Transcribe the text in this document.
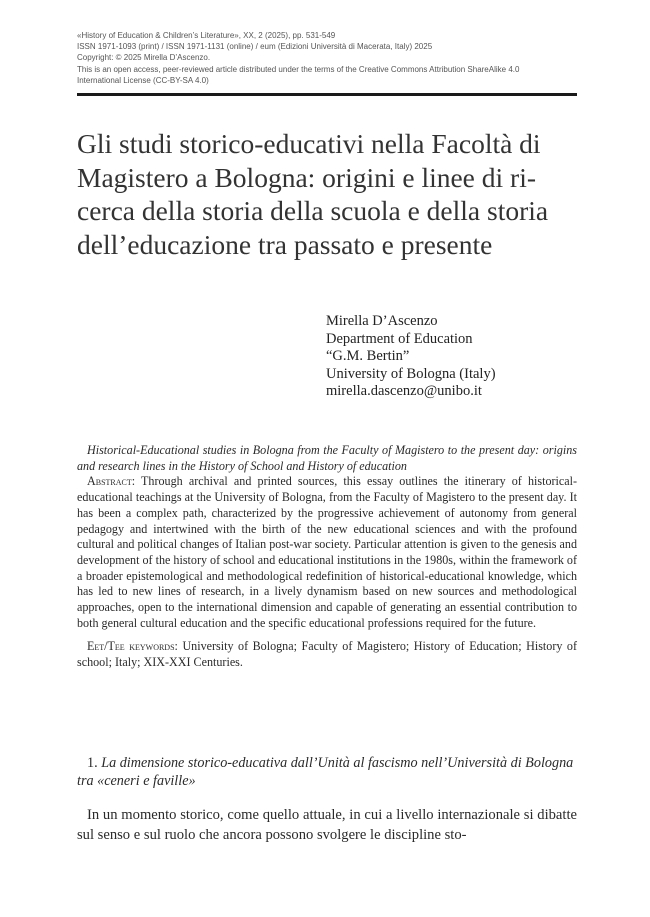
«History of Education & Children’s Literature», XX, 2 (2025), pp. 531-549
ISSN 1971-1093 (print) / ISSN 1971-1131 (online) / eum (Edizioni Università di Macerata, Italy) 2025
Copyright: © 2025 Mirella D’Ascenzo.
This is an open access, peer-reviewed article distributed under the terms of the Creative Commons Attribution ShareAlike 4.0
International License (CC-BY-SA 4.0)
Gli studi storico-educativi nella Facoltà di
Magistero a Bologna: origini e linee di ri-
cerca della storia della scuola e della storia
dell’educazione tra passato e presente
Mirella D’Ascenzo
Department of Education
“G.M. Bertin”
University of Bologna (Italy)
mirella.dascenzo@unibo.it

Historical-Educational studies in Bologna from the Faculty of Magistero to the present day: origins and research lines in the History of School and History of education

Abstract: Through archival and printed sources, this essay outlines the itinerary of historical-educational teachings at the University of Bologna, from the Faculty of Magistero to the present day. It has been a complex path, characterized by the progressive achievement of autonomy from general pedagogy and intertwined with the birth of the new educational sciences and with the profound cultural and political changes of Italian post-war society. Particular attention is given to the genesis and development of the history of school and educational institutions in the 1980s, within the framework of a broader epistemological and methodological redefinition of historical-educational knowledge, which has led to new lines of research, in a lively dynamism based on new sources and methodological approaches, open to the international dimension and capable of generating an essential contribution to both general cultural education and the specific educational professions required for the future.

Eet/Tee keywords: University of Bologna; Faculty of Magistero; History of Education; History of school; Italy; XIX-XXI Centuries.

1. La dimensione storico-educativa dall’Unità al fascismo nell’Università di Bologna tra «ceneri e faville»

In un momento storico, come quello attuale, in cui a livello internazionale si dibatte sul senso e sul ruolo che ancora possono svolgere le discipline sto-
